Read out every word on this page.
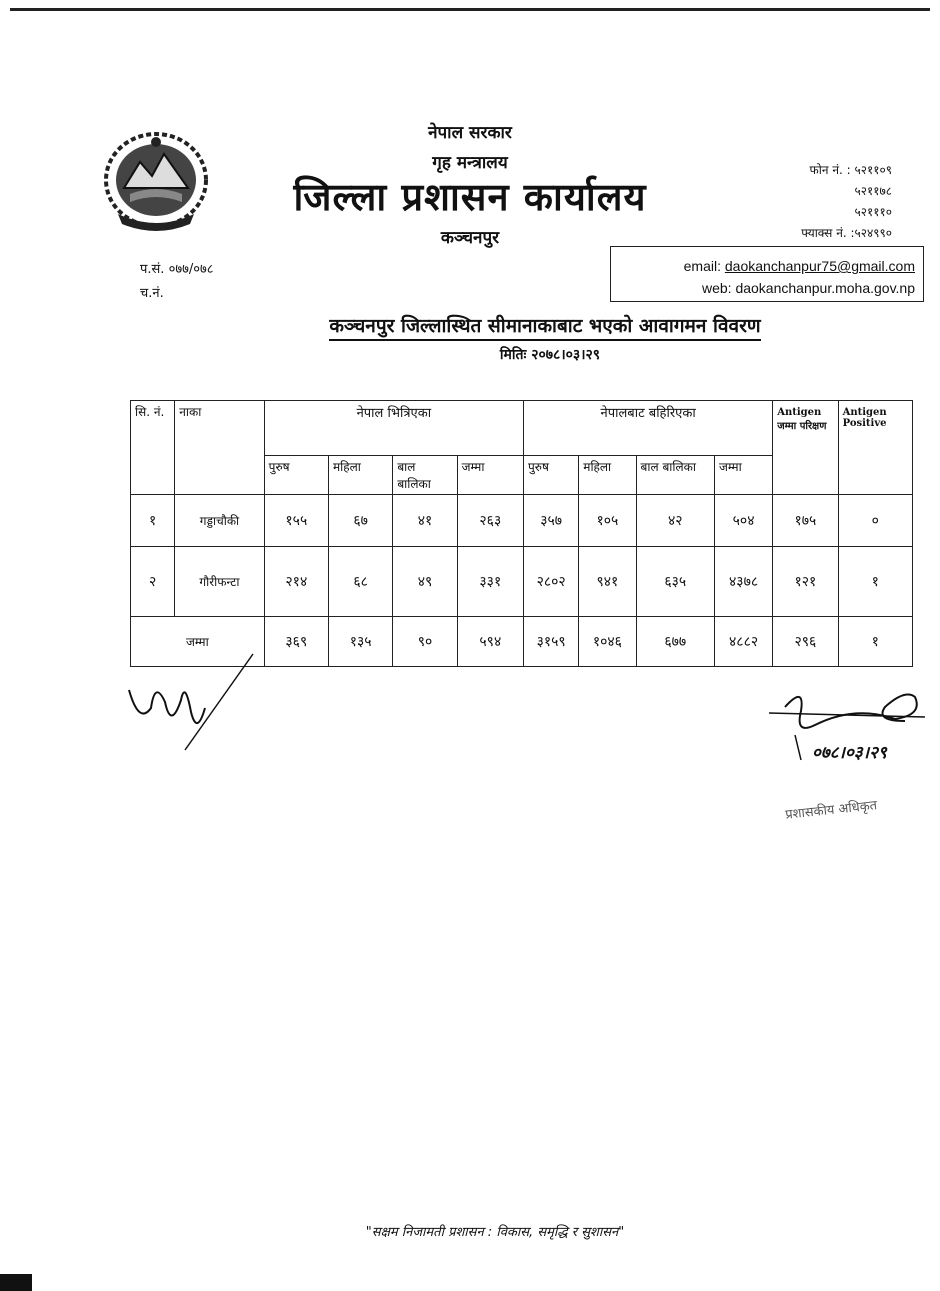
नेपाल सरकार
गृह मन्त्रालय
जिल्ला प्रशासन कार्यालय
कञ्चनपुर
फोन नं. : ५२११०९
५२११७८
५२१११०
फ्याक्स नं. :५२४९९०
प.सं. ०७७/०७८
च.नं.
email: daokanchanpur75@gmail.com
web: daokanchanpur.moha.gov.np
कञ्चनपुर जिल्लास्थित सीमानाकाबाट भएको आवागमन विवरण
मितिः २०७८।०३।२९
सि. नं.	नाका	नेपाल भित्रिएका				नेपालबाट बहिरिएका				Antigen जम्मा परिक्षण	Antigen Positive
		पुरुष	महिला	बाल बालिका	जम्मा	पुरुष	महिला	बाल बालिका	जम्मा		
१	गड्डाचौकी	१५५	६७	४१	२६३	३५७	१०५	४२	५०४	१७५	०
२	गौरीफन्टा	२१४	६८	४९	३३१	२८०२	९४१	६३५	४३७८	१२१	१
जम्मा		३६९	१३५	९०	५९४	३१५९	१०४६	६७७	४८८२	२९६	१
०७८।०३।२९
प्रशासकीय अधिकृत
"सक्षम निजामती प्रशासन : विकास, समृद्धि र सुशासन"
